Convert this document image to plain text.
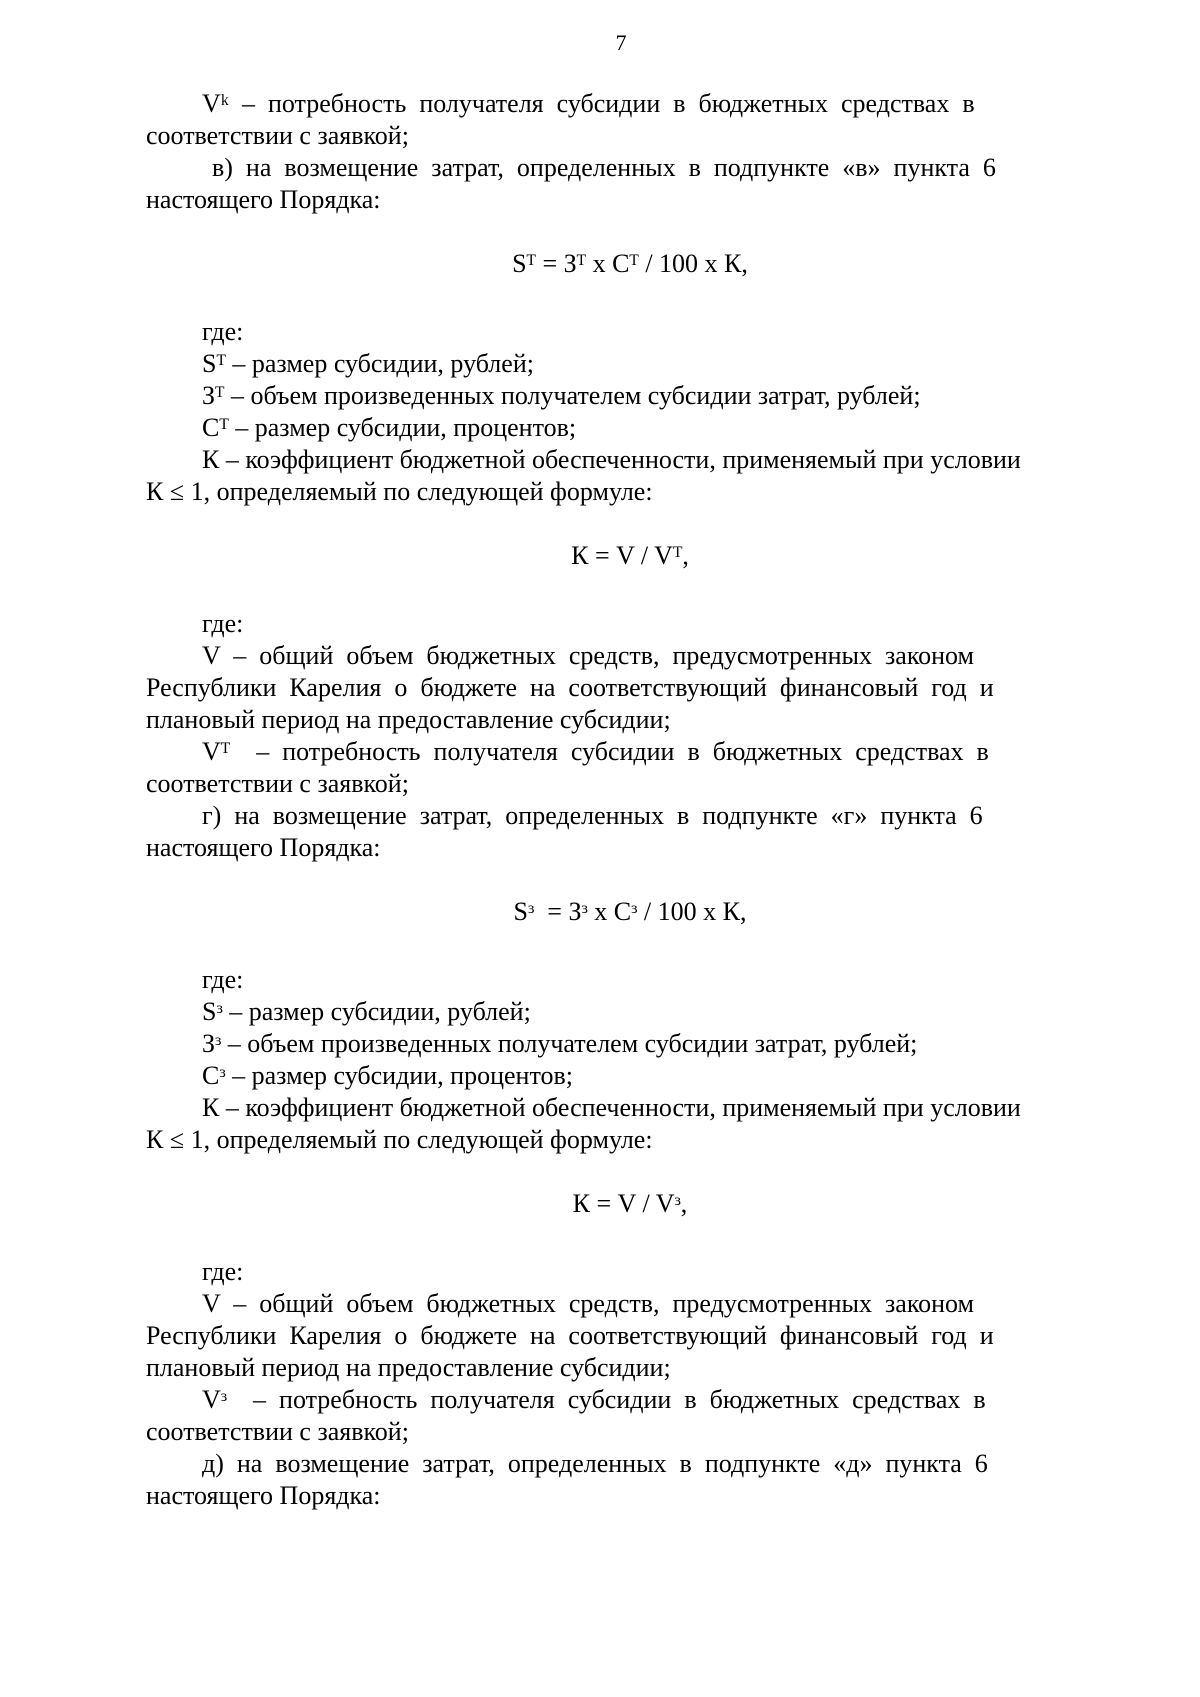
7
Vᵏ  –  потребность  получателя  субсидии  в  бюджетных  средствах  в
соответствии с заявкой;
в)  на  возмещение  затрат,  определенных  в  подпункте  «в»  пункта  6
настоящего Порядка:
Sᵀ = Зᵀ х Сᵀ / 100 х К,
где:
Sᵀ – размер субсидии, рублей;
Зᵀ – объем произведенных получателем субсидии затрат, рублей;
Сᵀ – размер субсидии, процентов;
К – коэффициент бюджетной обеспеченности, применяемый при условии
К ≤ 1, определяемый по следующей формуле:
К = V / Vᵀ,
где:
V  –  общий  объем  бюджетных  средств,  предусмотренных  законом
Республики  Карелия  о  бюджете  на  соответствующий  финансовый  год  и
плановый период на предоставление субсидии;
Vᵀ    –  потребность  получателя  субсидии  в  бюджетных  средствах  в
соответствии с заявкой;
г)  на  возмещение  затрат,  определенных  в  подпункте  «г»  пункта  6
настоящего Порядка:
Sᶟ  = Зᶟ х Сᶟ / 100 х К,
где:
Sᶟ – размер субсидии, рублей;
Зᶟ – объем произведенных получателем субсидии затрат, рублей;
Сᶟ – размер субсидии, процентов;
К – коэффициент бюджетной обеспеченности, применяемый при условии
К ≤ 1, определяемый по следующей формуле:
К = V / Vᶟ,
где:
V  –  общий  объем  бюджетных  средств,  предусмотренных  законом
Республики  Карелия  о  бюджете  на  соответствующий  финансовый  год  и
плановый период на предоставление субсидии;
Vᶟ    –  потребность  получателя  субсидии  в  бюджетных  средствах  в
соответствии с заявкой;
д)  на  возмещение  затрат,  определенных  в  подпункте  «д»  пункта  6
настоящего Порядка:
